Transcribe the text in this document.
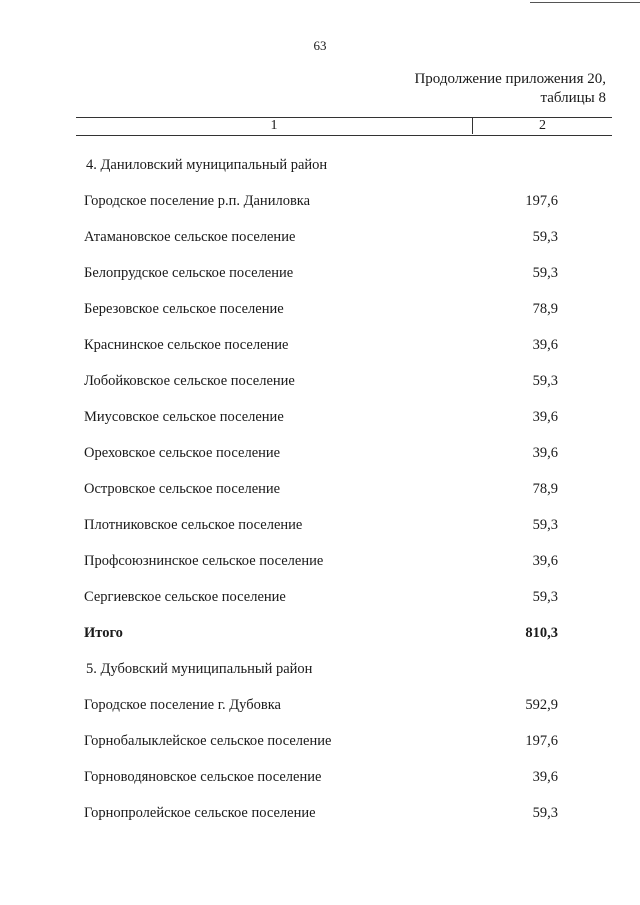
63
Продолжение приложения 20,
таблицы 8
1	2
4. Даниловский муниципальный район
Городское поселение р.п. Даниловка	197,6
Атамановское сельское поселение	59,3
Белопрудское сельское поселение	59,3
Березовское сельское поселение	78,9
Краснинское сельское поселение	39,6
Лобойковское сельское поселение	59,3
Миусовское сельское поселение	39,6
Ореховское сельское поселение	39,6
Островское сельское поселение	78,9
Плотниковское сельское поселение	59,3
Профсоюзнинское сельское поселение	39,6
Сергиевское сельское поселение	59,3
Итого	810,3
5. Дубовский муниципальный район
Городское поселение г. Дубовка	592,9
Горнобалыклейское сельское поселение	197,6
Горноводяновское сельское поселение	39,6
Горнопролейское сельское поселение	59,3
